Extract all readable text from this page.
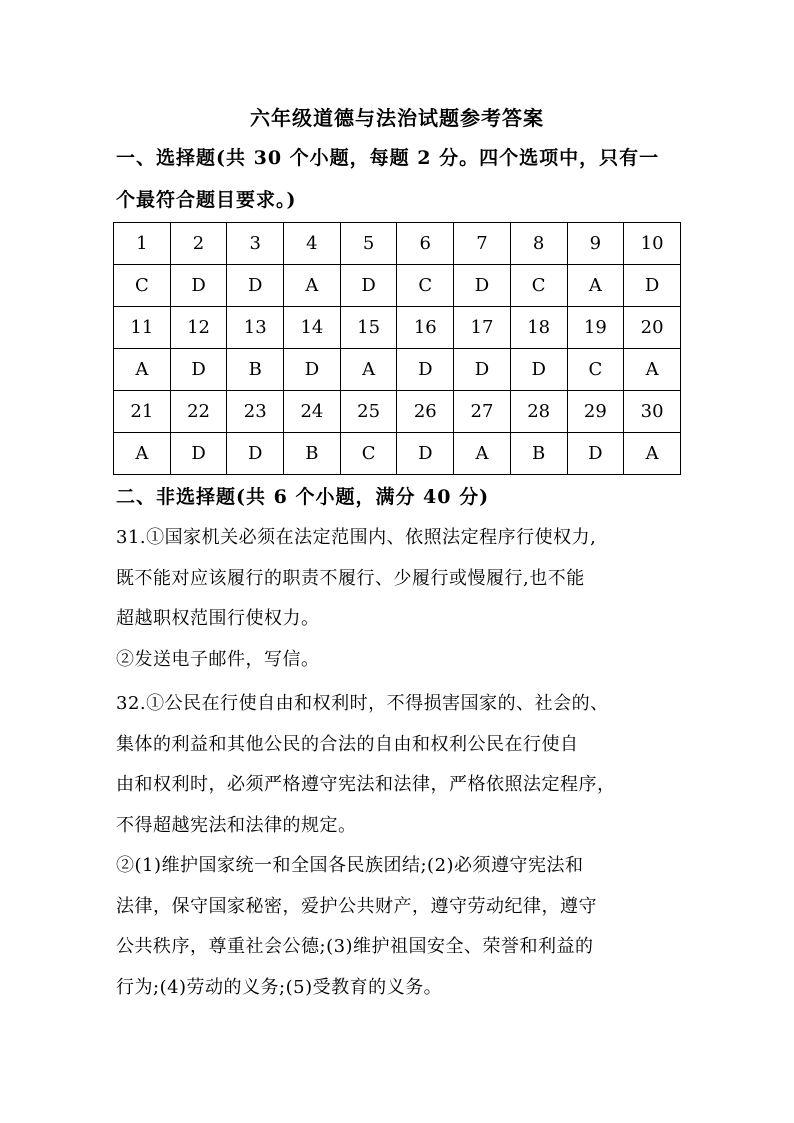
六年级道德与法治试题参考答案
一、选择题(共 30 个小题，每题 2 分。四个选项中，只有一
个最符合题目要求。)
1	2	3	4	5	6	7	8	9	10
C	D	D	A	D	C	D	C	A	D
11	12	13	14	15	16	17	18	19	20
A	D	B	D	A	D	D	D	C	A
21	22	23	24	25	26	27	28	29	30
A	D	D	B	C	D	A	B	D	A
二、非选择题(共 6 个小题，满分 40 分)
31.①国家机关必须在法定范围内、依照法定程序行使权力,
既不能对应该履行的职责不履行、少履行或慢履行,也不能
超越职权范围行使权力。
②发送电子邮件，写信。
32.①公民在行使自由和权利时，不得损害国家的、社会的、
集体的利益和其他公民的合法的自由和权利公民在行使自
由和权利时，必须严格遵守宪法和法律，严格依照法定程序，
不得超越宪法和法律的规定。
②(1)维护国家统一和全国各民族团结;(2)必须遵守宪法和
法律，保守国家秘密，爱护公共财产，遵守劳动纪律，遵守
公共秩序，尊重社会公德;(3)维护祖国安全、荣誉和利益的
行为;(4)劳动的义务;(5)受教育的义务。
